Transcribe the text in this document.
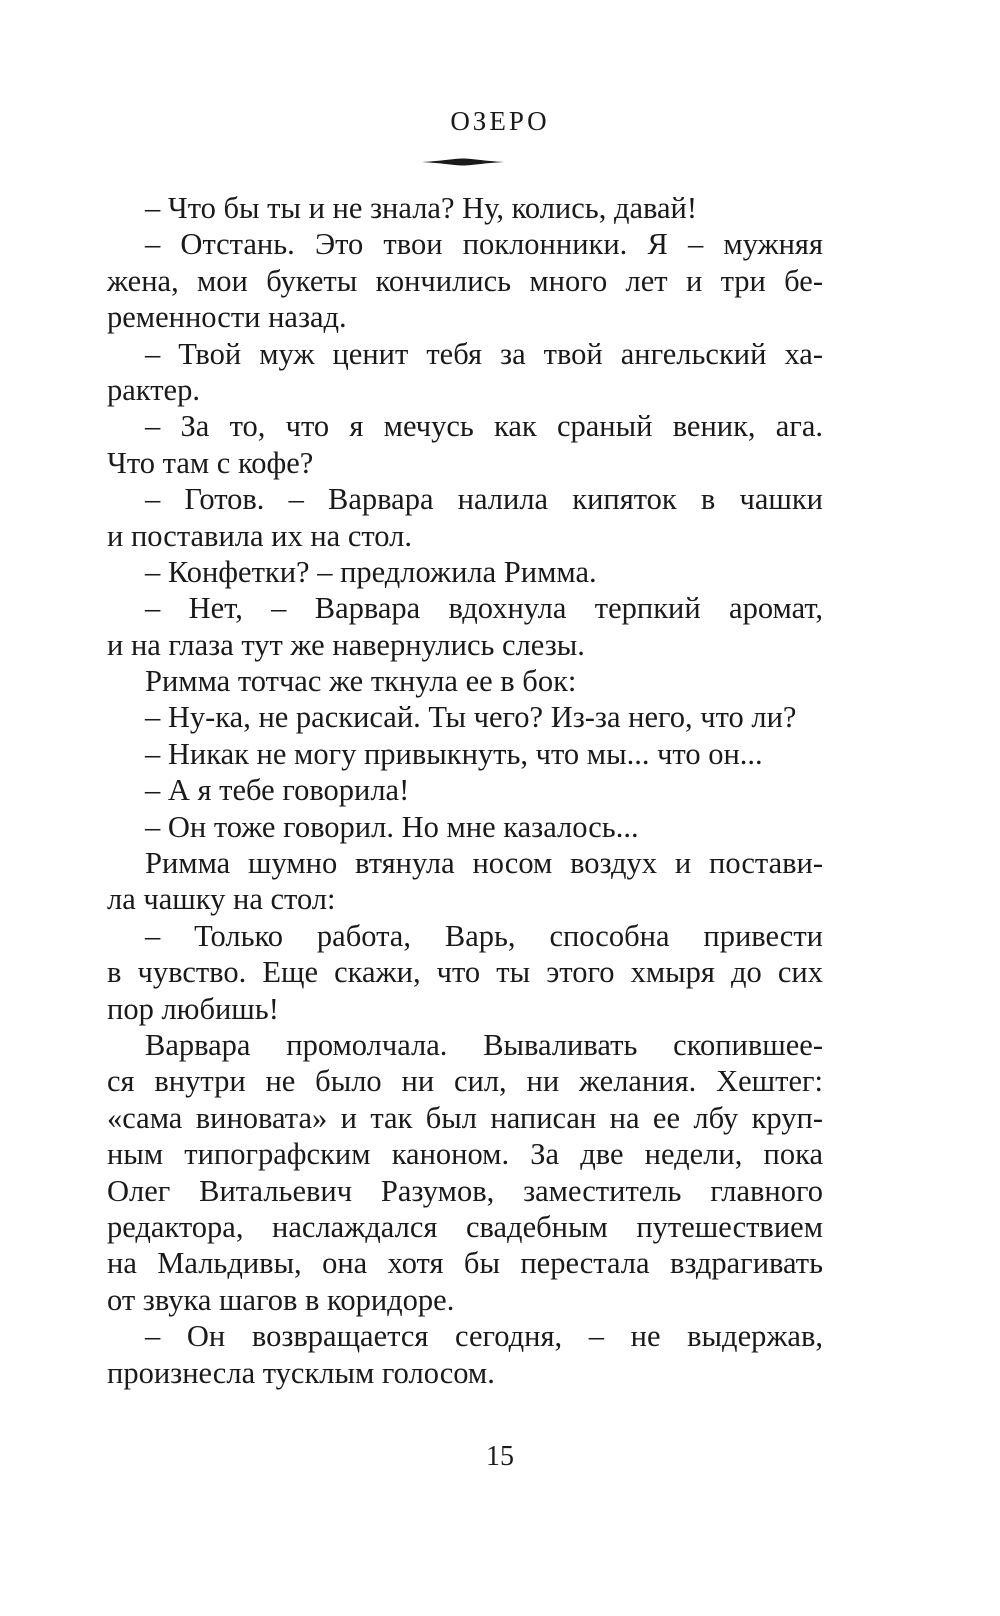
ОЗЕРО
– Что бы ты и не знала? Ну, колись, давай!
– Отстань. Это твои поклонники. Я – мужняя
жена, мои букеты кончились много лет и три бе-
ременности назад.
– Твой муж ценит тебя за твой ангельский ха-
рактер.
– За то, что я мечусь как сраный веник, ага.
Что там с кофе?
– Готов. – Варвара налила кипяток в чашки
и поставила их на стол.
– Конфетки? – предложила Римма.
– Нет, – Варвара вдохнула терпкий аромат,
и на глаза тут же навернулись слезы.
Римма тотчас же ткнула ее в бок:
– Ну-ка, не раскисай. Ты чего? Из-за него, что ли?
– Никак не могу привыкнуть, что мы... что он...
– А я тебе говорила!
– Он тоже говорил. Но мне казалось...
Римма шумно втянула носом воздух и постави-
ла чашку на стол:
– Только работа, Варь, способна привести
в чувство. Еще скажи, что ты этого хмыря до сих
пор любишь!
Варвара промолчала. Вываливать скопившее-
ся внутри не было ни сил, ни желания. Хештег:
«сама виновата» и так был написан на ее лбу круп-
ным типографским каноном. За две недели, пока
Олег Витальевич Разумов, заместитель главного
редактора, наслаждался свадебным путешествием
на Мальдивы, она хотя бы перестала вздрагивать
от звука шагов в коридоре.
– Он возвращается сегодня, – не выдержав,
произнесла тусклым голосом.
15
